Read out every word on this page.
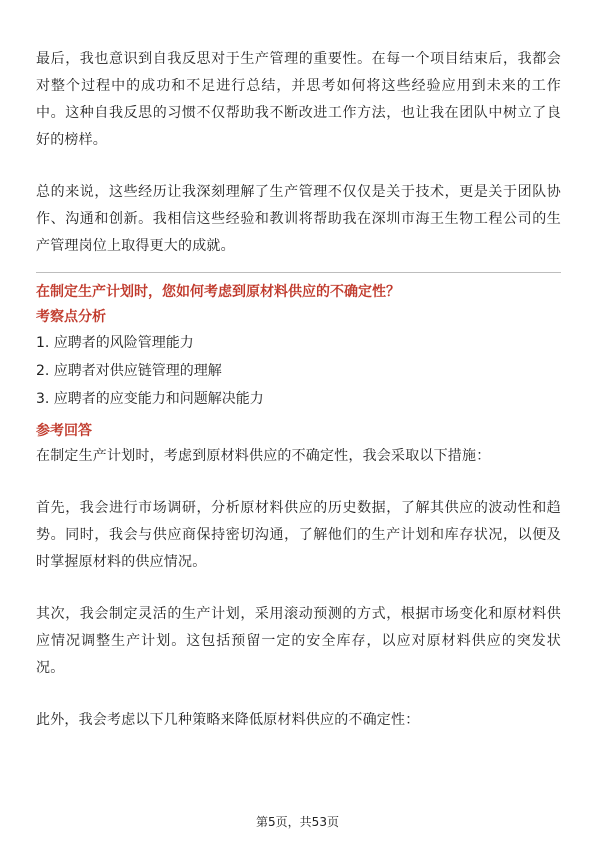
最后，我也意识到自我反思对于生产管理的重要性。在每一个项目结束后，我都会对整个过程中的成功和不足进行总结，并思考如何将这些经验应用到未来的工作中。这种自我反思的习惯不仅帮助我不断改进工作方法，也让我在团队中树立了良好的榜样。

总的来说，这些经历让我深刻理解了生产管理不仅仅是关于技术，更是关于团队协作、沟通和创新。我相信这些经验和教训将帮助我在深圳市海王生物工程公司的生产管理岗位上取得更大的成就。

在制定生产计划时，您如何考虑到原材料供应的不确定性？

考察点分析

1. 应聘者的风险管理能力

2. 应聘者对供应链管理的理解

3. 应聘者的应变能力和问题解决能力

参考回答

在制定生产计划时，考虑到原材料供应的不确定性，我会采取以下措施：

首先，我会进行市场调研，分析原材料供应的历史数据，了解其供应的波动性和趋势。同时，我会与供应商保持密切沟通，了解他们的生产计划和库存状况，以便及时掌握原材料的供应情况。

其次，我会制定灵活的生产计划，采用滚动预测的方式，根据市场变化和原材料供应情况调整生产计划。这包括预留一定的安全库存，以应对原材料供应的突发状况。

此外，我会考虑以下几种策略来降低原材料供应的不确定性：

第5页，共53页
